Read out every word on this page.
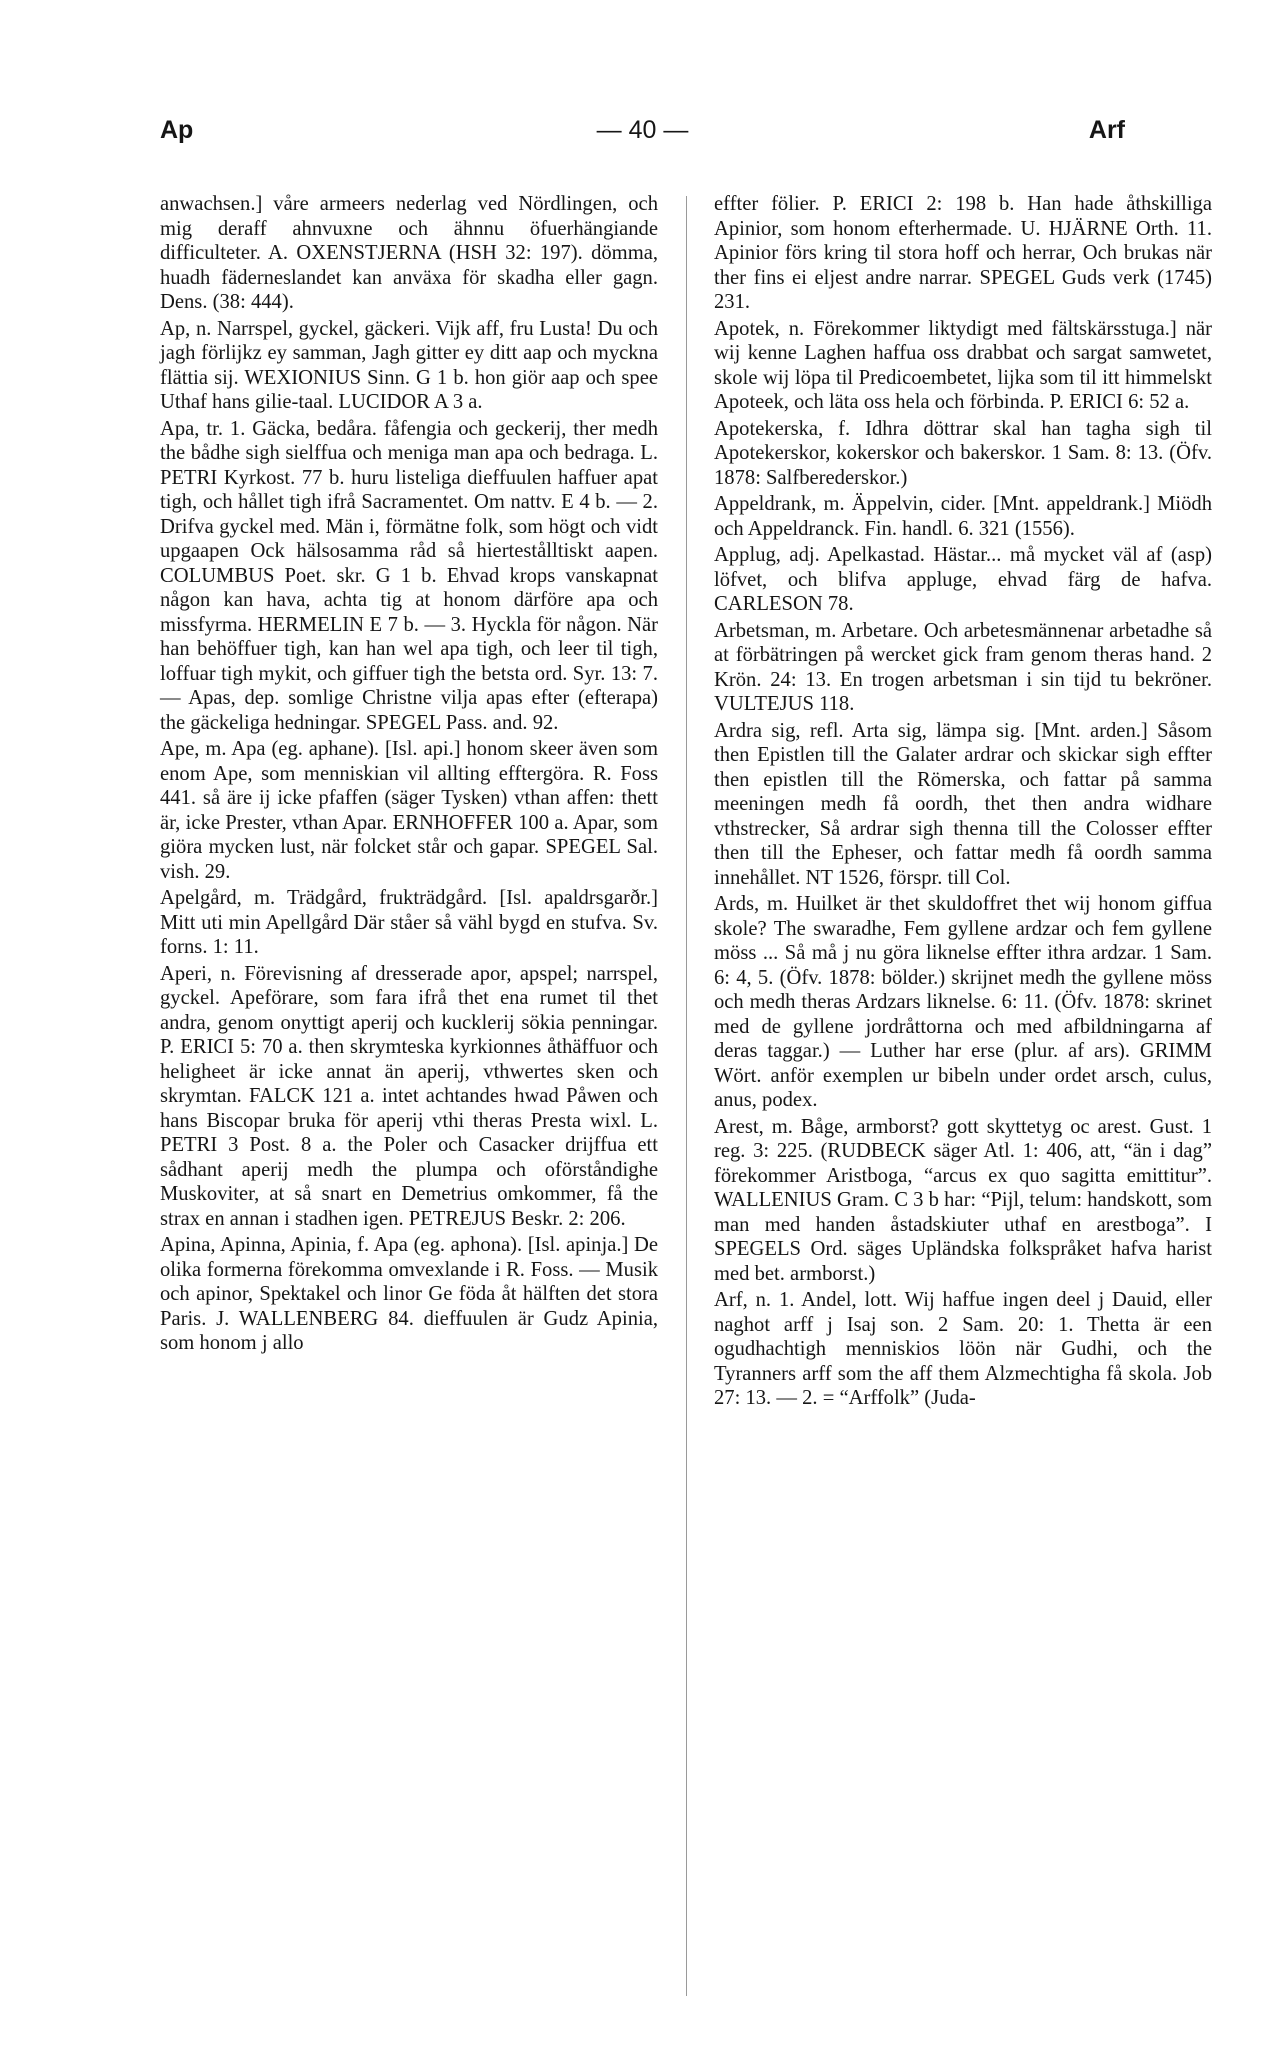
Ap	— 40 —	Arf

anwachsen.] våre armeers nederlag ved Nördlingen, och mig deraff ahnvuxne och ähnnu öfuerhängiande difficulteter. A. OXENSTJERNA (HSH 32: 197). dömma, huadh fäderneslandet kan anväxa för skadha eller gagn. Dens. (38: 444).

Ap, n. Narrspel, gyckel, gäckeri. Vijk aff, fru Lusta! Du och jagh förlijkz ey samman, Jagh gitter ey ditt aap och myckna flättia sij. WEXIONIUS Sinn. G 1 b. hon giör aap och spee Uthaf hans gilie-taal. LUCIDOR A 3 a.

Apa, tr. 1. Gäcka, bedåra. fåfengia och geckerij, ther medh the bådhe sigh sielffua och meniga man apa och bedraga. L. PETRI Kyrkost. 77 b. huru listeliga dieffuulen haffuer apat tigh, och hållet tigh ifrå Sacramentet. Om nattv. E 4 b. — 2. Drifva gyckel med. Män i, förmätne folk, som högt och vidt upgaapen Ock hälsosamma råd så hiertestålltiskt aapen. COLUMBUS Poet. skr. G 1 b. Ehvad krops vanskapnat någon kan hava, achta tig at honom därföre apa och missfyrma. HERMELIN E 7 b. — 3. Hyckla för någon. När han behöffuer tigh, kan han wel apa tigh, och leer til tigh, loffuar tigh mykit, och giffuer tigh the betsta ord. Syr. 13: 7. — Apas, dep. somlige Christne vilja apas efter (efterapa) the gäckeliga hedningar. SPEGEL Pass. and. 92.

Ape, m. Apa (eg. aphane). [Isl. api.] honom skeer även som enom Ape, som menniskian vil allting efftergöra. R. Foss 441. så äre ij icke pfaffen (säger Tysken) vthan affen: thett är, icke Prester, vthan Apar. ERNHOFFER 100 a. Apar, som giöra mycken lust, när folcket står och gapar. SPEGEL Sal. vish. 29.

Apelgård, m. Trädgård, frukträdgård. [Isl. apaldrsgarðr.] Mitt uti min Apellgård Där ståer så vähl bygd en stufva. Sv. forns. 1: 11.

Aperi, n. Förevisning af dresserade apor, apspel; narrspel, gyckel. Apeförare, som fara ifrå thet ena rumet til thet andra, genom onyttigt aperij och kucklerij sökia penningar. P. ERICI 5: 70 a. then skrymteska kyrkionnes åthäffuor och heligheet är icke annat än aperij, vthwertes sken och skrymtan. FALCK 121 a. intet achtandes hwad Påwen och hans Biscopar bruka för aperij vthi theras Presta wixl. L. PETRI 3 Post. 8 a. the Poler och Casacker drijffua ett sådhant aperij medh the plumpa och oförståndighe Muskoviter, at så snart en Demetrius omkommer, få the strax en annan i stadhen igen. PETREJUS Beskr. 2: 206.

Apina, Apinna, Apinia, f. Apa (eg. aphona). [Isl. apinja.] De olika formerna förekomma omvexlande i R. Foss. — Musik och apinor, Spektakel och linor Ge föda åt hälften det stora Paris. J. WALLENBERG 84. dieffuulen är Gudz Apinia, som honom j allo

effter fölier. P. ERICI 2: 198 b. Han hade åthskilliga Apinior, som honom efterhermade. U. HJÄRNE Orth. 11. Apinior förs kring til stora hoff och herrar, Och brukas när ther fins ei eljest andre narrar. SPEGEL Guds verk (1745) 231.

Apotek, n. Förekommer liktydigt med fältskärsstuga.] när wij kenne Laghen haffua oss drabbat och sargat samwetet, skole wij löpa til Predicoembetet, lijka som til itt himmelskt Apoteek, och läta oss hela och förbinda. P. ERICI 6: 52 a.

Apotekerska, f. Idhra döttrar skal han tagha sigh til Apotekerskor, kokerskor och bakerskor. 1 Sam. 8: 13. (Öfv. 1878: Salfberederskor.)

Appeldrank, m. Äppelvin, cider. [Mnt. appeldrank.] Miödh och Appeldranck. Fin. handl. 6. 321 (1556).

Applug, adj. Apelkastad. Hästar... må mycket väl af (asp) löfvet, och blifva appluge, ehvad färg de hafva. CARLESON 78.

Arbetsman, m. Arbetare. Och arbetesmännenar arbetadhe så at förbätringen på wercket gick fram genom theras hand. 2 Krön. 24: 13. En trogen arbetsman i sin tijd tu bekröner. VULTEJUS 118.

Ardra sig, refl. Arta sig, lämpa sig. [Mnt. arden.] Såsom then Epistlen till the Galater ardrar och skickar sigh effter then epistlen till the Römerska, och fattar på samma meeningen medh få oordh, thet then andra widhare vthstrecker, Så ardrar sigh thenna till the Colosser effter then till the Epheser, och fattar medh få oordh samma innehållet. NT 1526, förspr. till Col.

Ards, m. Huilket är thet skuldoffret thet wij honom giffua skole? The swaradhe, Fem gyllene ardzar och fem gyllene möss ... Så må j nu göra liknelse effter ithra ardzar. 1 Sam. 6: 4, 5. (Öfv. 1878: bölder.) skrijnet medh the gyllene möss och medh theras Ardzars liknelse. 6: 11. (Öfv. 1878: skrinet med de gyllene jordråttorna och med afbildningarna af deras taggar.) — Luther har erse (plur. af ars). GRIMM Wört. anför exemplen ur bibeln under ordet arsch, culus, anus, podex.

Arest, m. Båge, armborst? gott skyttetyg oc arest. Gust. 1 reg. 3: 225. (RUDBECK säger Atl. 1: 406, att, “än i dag” förekommer Aristboga, “arcus ex quo sagitta emittitur”. WALLENIUS Gram. C 3 b har: “Pijl, telum: handskott, som man med handen åstadskiuter uthaf en arestboga”. I SPEGELS Ord. säges Upländska folkspråket hafva harist med bet. armborst.)

Arf, n. 1. Andel, lott. Wij haffue ingen deel j Dauid, eller naghot arff j Isaj son. 2 Sam. 20: 1. Thetta är een ogudhachtigh menniskios löön när Gudhi, och the Tyranners arff som the aff them Alzmechtigha få skola. Job 27: 13. — 2. = “Arffolk” (Juda-
